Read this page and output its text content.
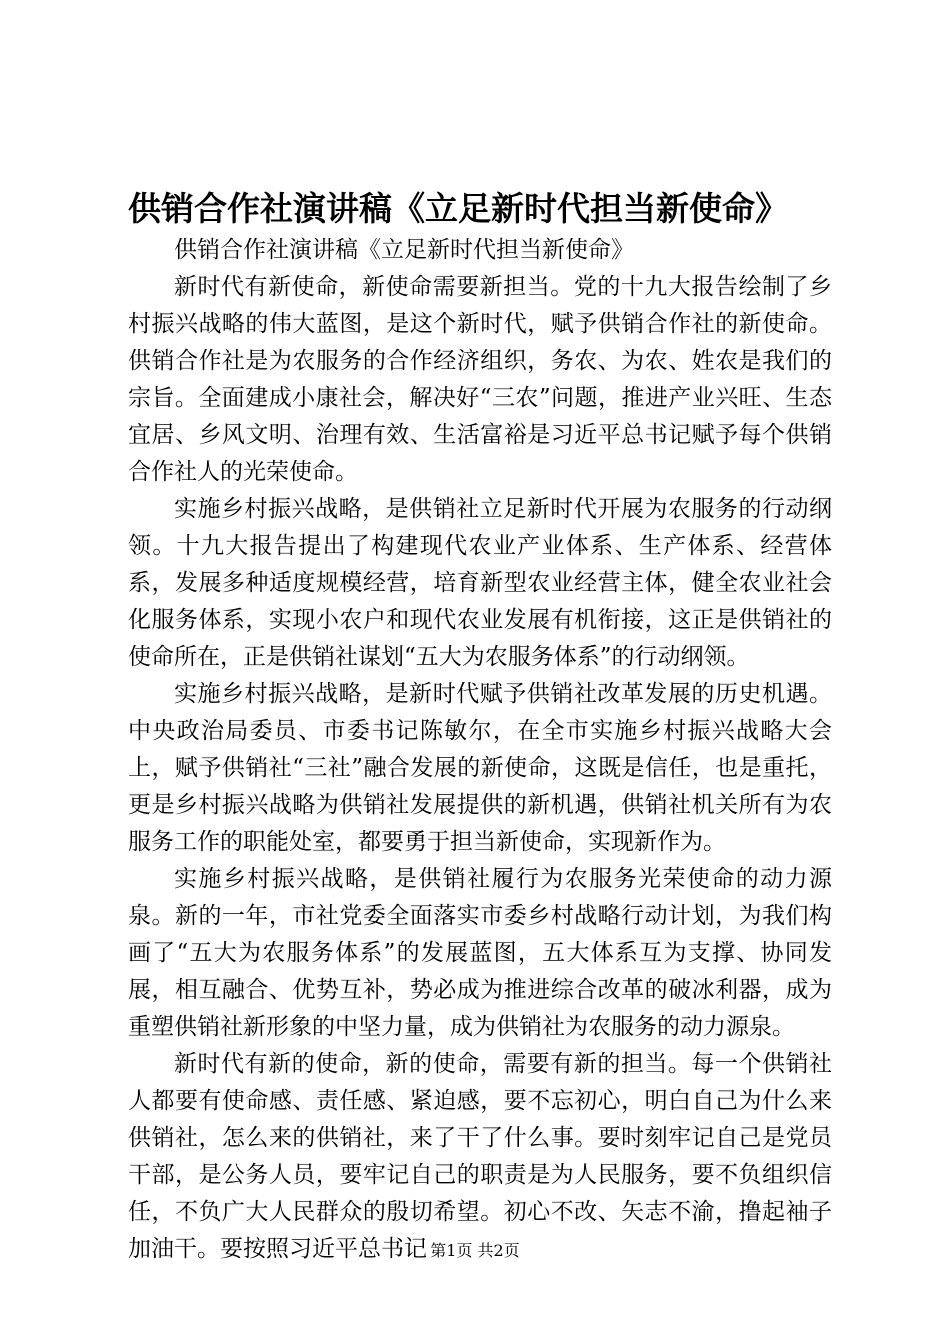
供销合作社演讲稿《立足新时代担当新使命》

供销合作社演讲稿《立足新时代担当新使命》

新时代有新使命，新使命需要新担当。党的十九大报告绘制了乡村振兴战略的伟大蓝图，是这个新时代，赋予供销合作社的新使命。供销合作社是为农服务的合作经济组织，务农、为农、姓农是我们的宗旨。全面建成小康社会，解决好“三农”问题，推进产业兴旺、生态宜居、乡风文明、治理有效、生活富裕是习近平总书记赋予每个供销合作社人的光荣使命。

实施乡村振兴战略，是供销社立足新时代开展为农服务的行动纲领。十九大报告提出了构建现代农业产业体系、生产体系、经营体系，发展多种适度规模经营，培育新型农业经营主体，健全农业社会化服务体系，实现小农户和现代农业发展有机衔接，这正是供销社的使命所在，正是供销社谋划“五大为农服务体系”的行动纲领。

实施乡村振兴战略，是新时代赋予供销社改革发展的历史机遇。中央政治局委员、市委书记陈敏尔，在全市实施乡村振兴战略大会上，赋予供销社“三社”融合发展的新使命，这既是信任，也是重托，更是乡村振兴战略为供销社发展提供的新机遇，供销社机关所有为农服务工作的职能处室，都要勇于担当新使命，实现新作为。

实施乡村振兴战略，是供销社履行为农服务光荣使命的动力源泉。新的一年，市社党委全面落实市委乡村战略行动计划，为我们构画了“五大为农服务体系”的发展蓝图，五大体系互为支撑、协同发展，相互融合、优势互补，势必成为推进综合改革的破冰利器，成为重塑供销社新形象的中坚力量，成为供销社为农服务的动力源泉。

新时代有新的使命，新的使命，需要有新的担当。每一个供销社人都要有使命感、责任感、紧迫感，要不忘初心，明白自己为什么来供销社，怎么来的供销社，来了干了什么事。要时刻牢记自己是党员干部，是公务人员，要牢记自己的职责是为人民服务，要不负组织信任，不负广大人民群众的殷切希望。初心不改、矢志不渝，撸起袖子加油干。要按照习近平总书记 第1页 共2页
